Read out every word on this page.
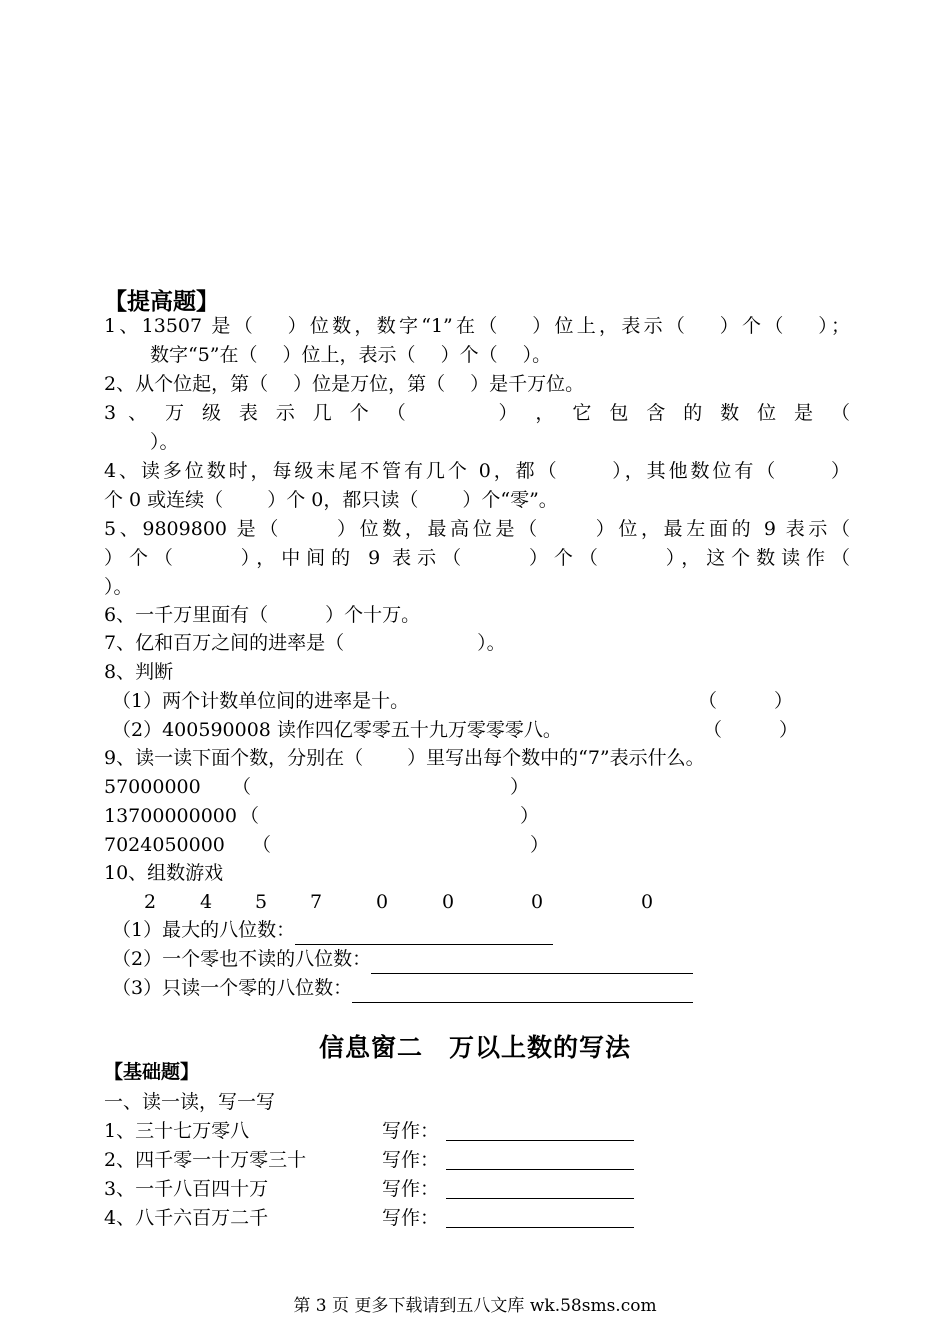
【提高题】
1、13507 是（　 ）位数，数字“1”在（　 ）位上，表示（　 ）个（　 ）；
数字“5”在（　 ）位上，表示（　 ）个（　 ）。
2、从个位起，第（　 ）位是万位，第（　 ）是千万位。
3 、 万 级 表 示 几 个 （　　　 ） ， 它 包 含 的 数 位 是 （
）。
4、读多位数时，每级末尾不管有几个 0，都（　　 ），其他数位有（　　 ）
个 0 或连续（　　 ）个 0，都只读（　　 ）个“零”。
5、9809800 是（　　 ）位数，最高位是（　　 ）位，最左面的 9 表示（
）个（　　 ），中间的 9 表示（　　 ）个（　　 ），这个数读作（
）。
6、一千万里面有（　　　）个十万。
7、亿和百万之间的进率是（　　　　　　　）。
8、判断
（1）两个计数单位间的进率是十。	（　　　）
（2）400590008 读作四亿零零五十九万零零零八。	（　　　）
9、读一读下面个数，分别在（　　 ）里写出每个数中的“7”表示什么。
57000000 （	）
13700000000 （	）
7024050000 （	）
10、组数游戏
2 4 5 7	0	0	0	0
（1）最大的八位数：
（2）一个零也不读的八位数：
（3）只读一个零的八位数：
信息窗二　万以上数的写法
【基础题】
一、读一读，写一写
1、三十七万零八	写作：
2、四千零一十万零三十	写作：
3、一千八百四十万	写作：
4、八千六百万二千	写作：
第 3 页 更多下载请到五八文库 wk.58sms.com
